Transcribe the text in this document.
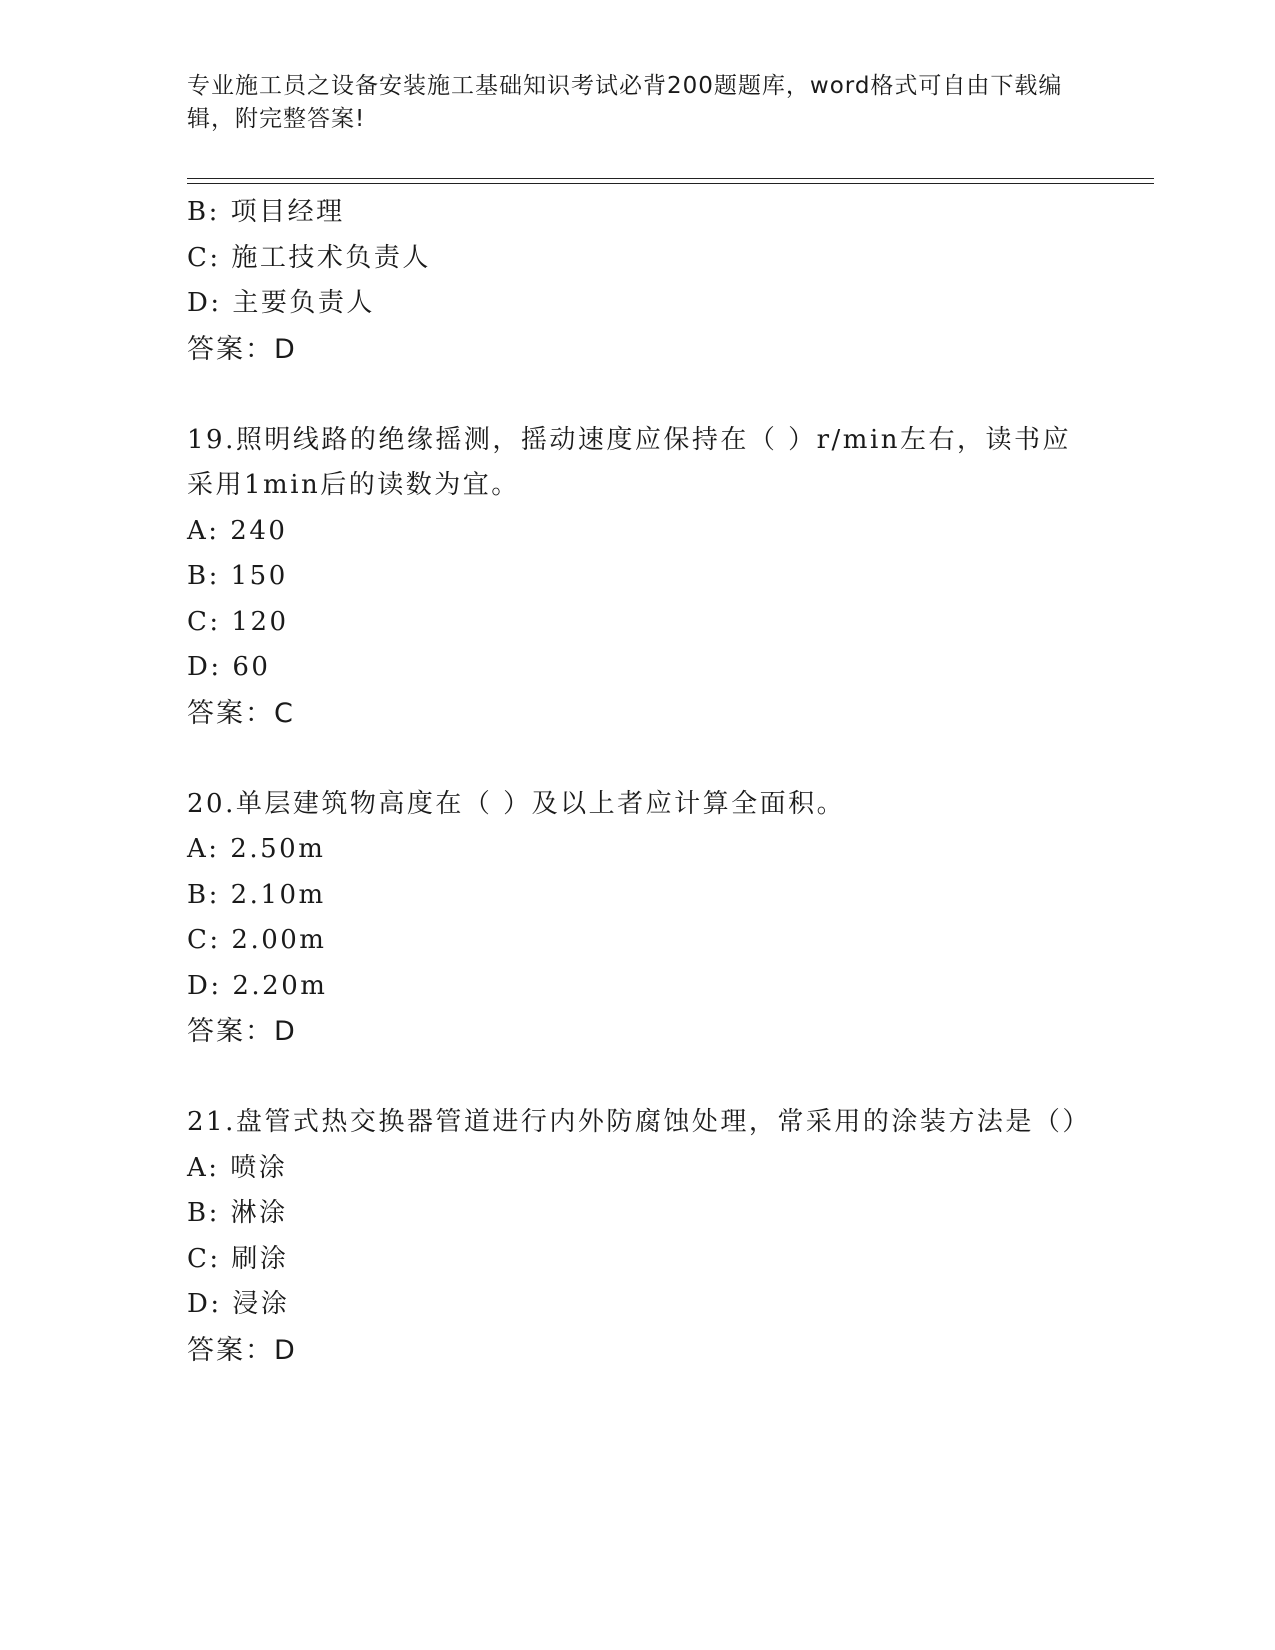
专业施工员之设备安装施工基础知识考试必背200题题库，word格式可自由下载编辑，附完整答案!
B: 项目经理
C: 施工技术负责人
D: 主要负责人
答案：D
19.照明线路的绝缘摇测，摇动速度应保持在（ ）r/min左右，读书应采用1min后的读数为宜。
A: 240
B: 150
C: 120
D: 60
答案：C
20.单层建筑物高度在（ ）及以上者应计算全面积。
A: 2.50m
B: 2.10m
C: 2.00m
D: 2.20m
答案：D
21.盘管式热交换器管道进行内外防腐蚀处理，常采用的涂装方法是（）
A: 喷涂
B: 淋涂
C: 刷涂
D: 浸涂
答案：D
